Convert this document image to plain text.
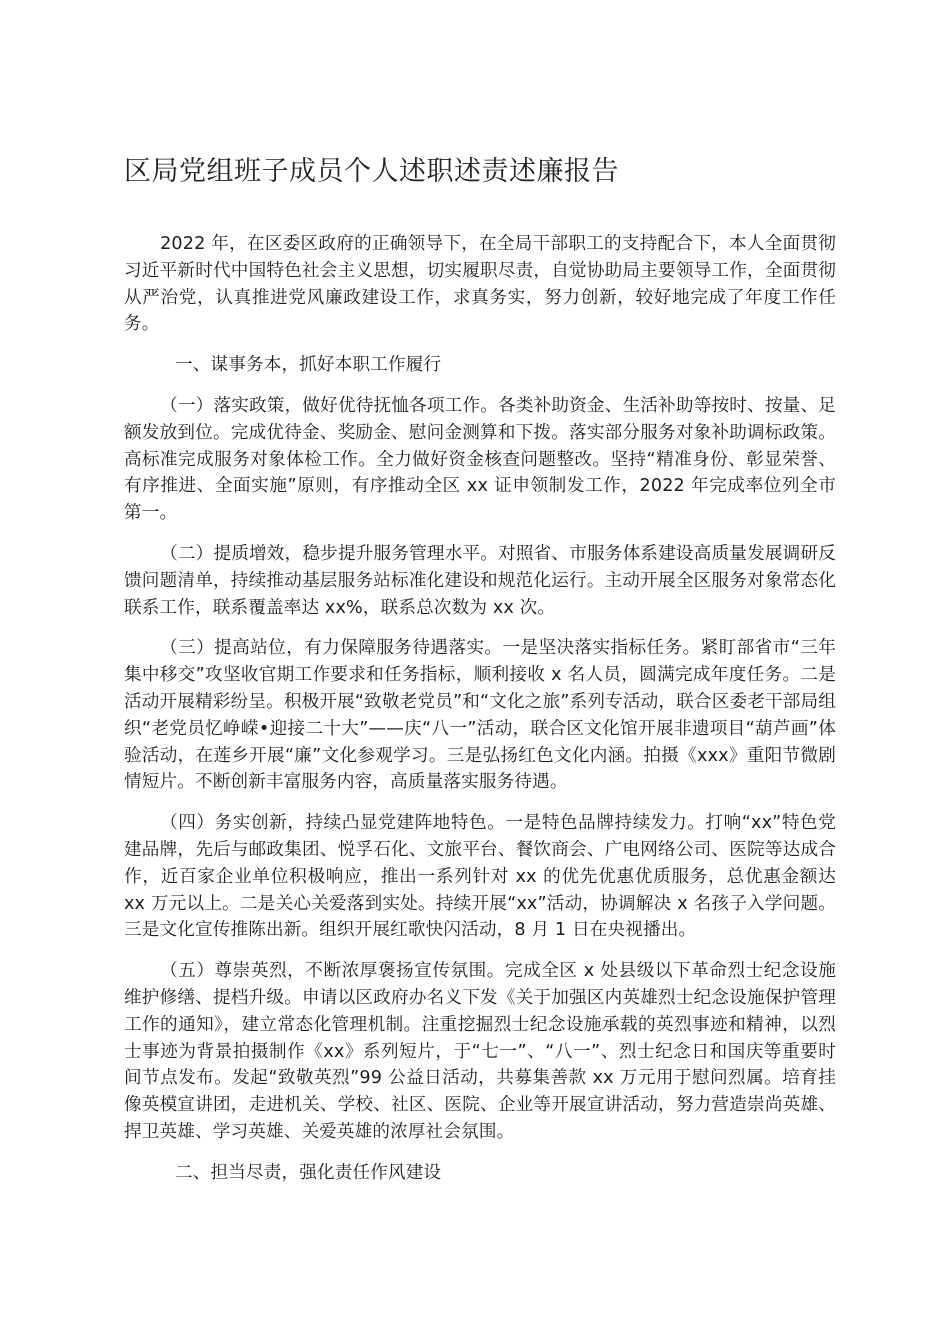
区局党组班子成员个人述职述责述廉报告

2022 年，在区委区政府的正确领导下，在全局干部职工的支持配合下，本人全面贯彻习近平新时代中国特色社会主义思想，切实履职尽责，自觉协助局主要领导工作，全面贯彻从严治党，认真推进党风廉政建设工作，求真务实，努力创新，较好地完成了年度工作任务。

一、谋事务本，抓好本职工作履行

（一）落实政策，做好优待抚恤各项工作。各类补助资金、生活补助等按时、按量、足额发放到位。完成优待金、奖励金、慰问金测算和下拨。落实部分服务对象补助调标政策。高标准完成服务对象体检工作。全力做好资金核查问题整改。坚持“精准身份、彰显荣誉、有序推进、全面实施”原则，有序推动全区 xx 证申领制发工作，2022 年完成率位列全市第一。

（二）提质增效，稳步提升服务管理水平。对照省、市服务体系建设高质量发展调研反馈问题清单，持续推动基层服务站标准化建设和规范化运行。主动开展全区服务对象常态化联系工作，联系覆盖率达 xx%，联系总次数为 xx 次。

（三）提高站位，有力保障服务待遇落实。一是坚决落实指标任务。紧盯部省市“三年集中移交”攻坚收官期工作要求和任务指标，顺利接收 x 名人员，圆满完成年度任务。二是活动开展精彩纷呈。积极开展“致敬老党员”和“文化之旅”系列专活动，联合区委老干部局组织“老党员忆峥嵘•迎接二十大”——庆“八一”活动，联合区文化馆开展非遗项目“葫芦画”体验活动，在莲乡开展“廉”文化参观学习。三是弘扬红色文化内涵。拍摄《xxx》重阳节微剧情短片。不断创新丰富服务内容，高质量落实服务待遇。

（四）务实创新，持续凸显党建阵地特色。一是特色品牌持续发力。打响“xx”特色党建品牌，先后与邮政集团、悦孚石化、文旅平台、餐饮商会、广电网络公司、医院等达成合作，近百家企业单位积极响应，推出一系列针对 xx 的优先优惠优质服务，总优惠金额达 xx 万元以上。二是关心关爱落到实处。持续开展“xx”活动，协调解决 x 名孩子入学问题。三是文化宣传推陈出新。组织开展红歌快闪活动，8 月 1 日在央视播出。

（五）尊崇英烈，不断浓厚褒扬宣传氛围。完成全区 x 处县级以下革命烈士纪念设施维护修缮、提档升级。申请以区政府办名义下发《关于加强区内英雄烈士纪念设施保护管理工作的通知》，建立常态化管理机制。注重挖掘烈士纪念设施承载的英烈事迹和精神，以烈士事迹为背景拍摄制作《xx》系列短片，于“七一”、“八一”、烈士纪念日和国庆等重要时间节点发布。发起“致敬英烈”99 公益日活动，共募集善款 xx 万元用于慰问烈属。培育挂像英模宣讲团，走进机关、学校、社区、医院、企业等开展宣讲活动，努力营造崇尚英雄、捍卫英雄、学习英雄、关爱英雄的浓厚社会氛围。

二、担当尽责，强化责任作风建设
